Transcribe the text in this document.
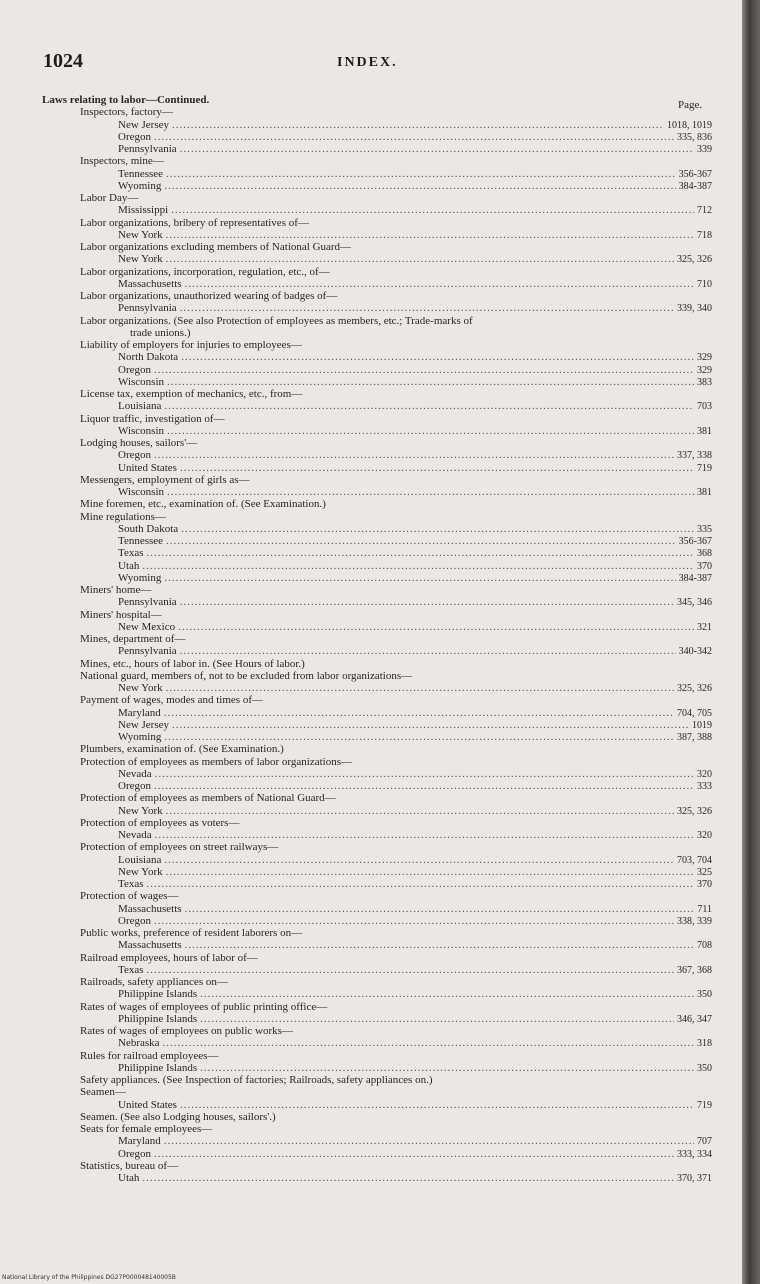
1024	INDEX.
Page.
Laws relating to labor—Continued.
Inspectors, factory—
New Jersey .....	1018, 1019
Oregon .....	335, 836
Pennsylvania .....	339
Inspectors, mine—
Tennessee .....	356-367
Wyoming .....	384-387
Labor Day—
Mississippi .....	712
Labor organizations, bribery of representatives of—
New York .....	718
Labor organizations excluding members of National Guard—
New York .....	325, 326
Labor organizations, incorporation, regulation, etc., of—
Massachusetts .....	710
Labor organizations, unauthorized wearing of badges of—
Pennsylvania .....	339, 340
Labor organizations. (See also Protection of employees as members, etc.; Trade-marks of
trade unions.)
Liability of employers for injuries to employees—
North Dakota .....	329
Oregon .....	329
Wisconsin .....	383
License tax, exemption of mechanics, etc., from—
Louisiana .....	703
Liquor traffic, investigation of—
Wisconsin .....	381
Lodging houses, sailors'—
Oregon .....	337, 338
United States .....	719
Messengers, employment of girls as—
Wisconsin .....	381
Mine foremen, etc., examination of. (See Examination.)
Mine regulations—
South Dakota .....	335
Tennessee .....	356-367
Texas .....	368
Utah .....	370
Wyoming .....	384-387
Miners' home—
Pennsylvania .....	345, 346
Miners' hospital—
New Mexico .....	321
Mines, department of—
Pennsylvania .....	340-342
Mines, etc., hours of labor in. (See Hours of labor.)
National guard, members of, not to be excluded from labor organizations—
New York .....	325, 326
Payment of wages, modes and times of—
Maryland .....	704, 705
New Jersey .....	1019
Wyoming .....	387, 388
Plumbers, examination of. (See Examination.)
Protection of employees as members of labor organizations—
Nevada .....	320
Oregon .....	333
Protection of employees as members of National Guard—
New York .....	325, 326
Protection of employees as voters—
Nevada .....	320
Protection of employees on street railways—
Louisiana .....	703, 704
New York .....	325
Texas .....	370
Protection of wages—
Massachusetts .....	711
Oregon .....	338, 339
Public works, preference of resident laborers on—
Massachusetts .....	708
Railroad employees, hours of labor of—
Texas .....	367, 368
Railroads, safety appliances on—
Philippine Islands .....	350
Rates of wages of employees of public printing office—
Philippine Islands .....	346, 347
Rates of wages of employees on public works—
Nebraska .....	318
Rules for railroad employees—
Philippine Islands .....	350
Safety appliances. (See Inspection of factories; Railroads, safety appliances on.)
Seamen—
United States .....	719
Seamen. (See also Lodging houses, sailors'.)
Seats for female employees—
Maryland .....	707
Oregon .....	333, 334
Statistics, bureau of—
Utah .....	370, 371
National Library of the Philippines DG27P000048140005B
